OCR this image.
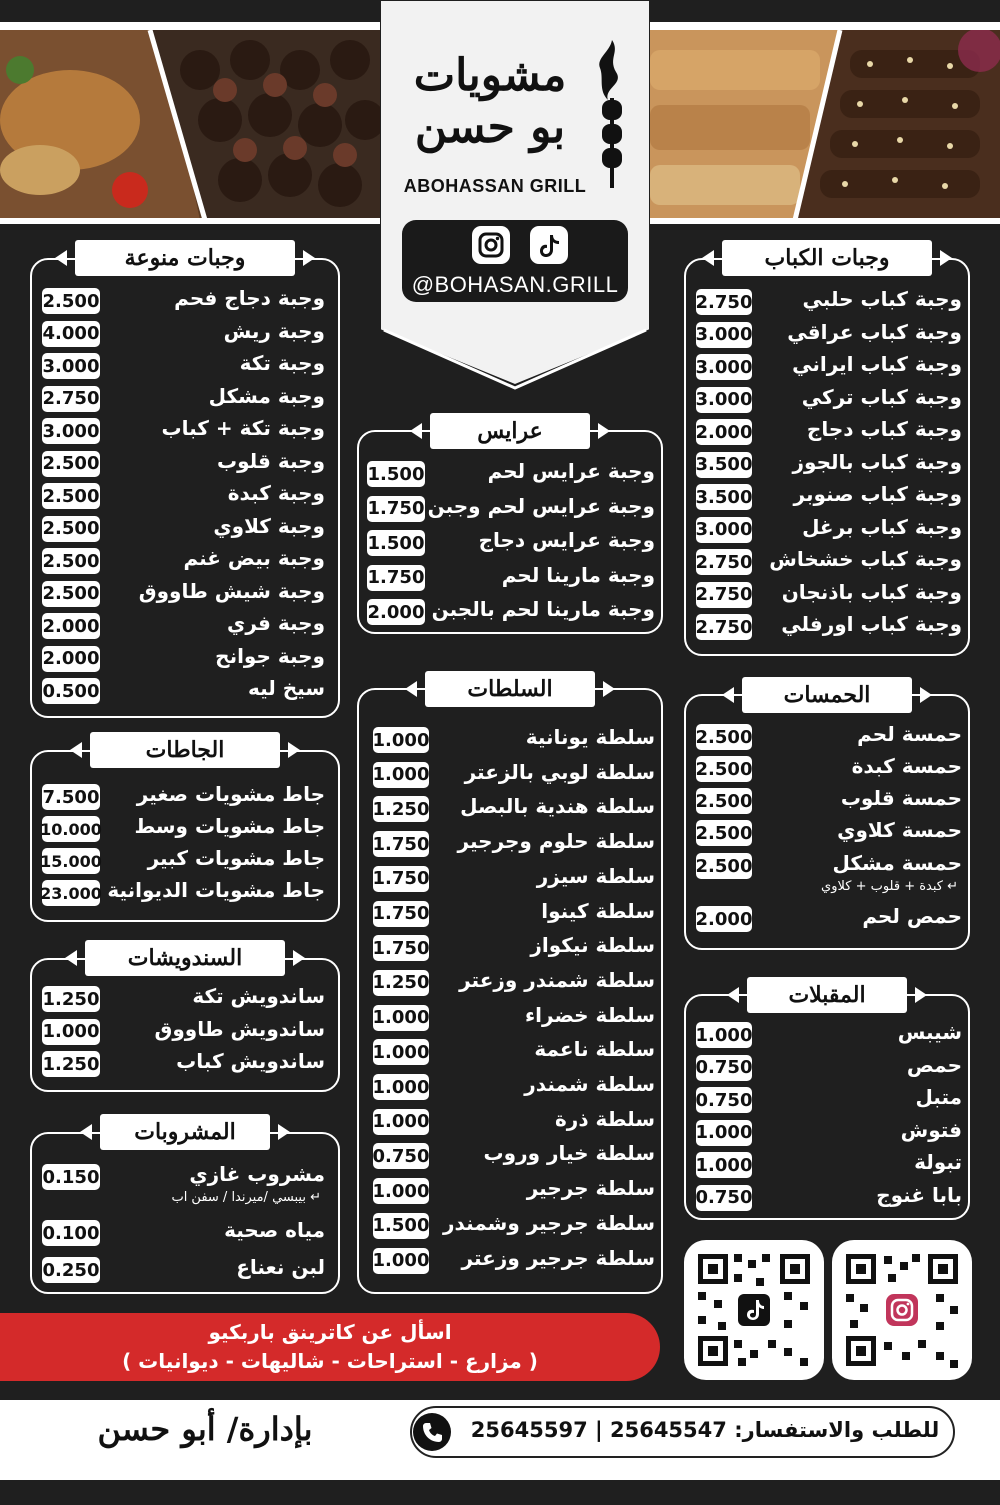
مشويات
بو حسن
ABOHASSAN GRILL
@BOHASAN.GRILL
وجبات منوعة
2.500	وجبة دجاج فحم
4.000	وجبة ريش
3.000	وجبة تكة
2.750	وجبة مشكل
3.000	وجبة تكة + كباب
2.500	وجبة قلوب
2.500	وجبة كبدة
2.500	وجبة كلاوي
2.500	وجبة بيض غنم
2.500	وجبة شيش طاووق
2.000	وجبة فري
2.000	وجبة جوانح
0.500	سيخ ليه
وجبات الكباب
2.750	وجبة كباب حلبي
3.000	وجبة كباب عراقي
3.000	وجبة كباب ايراني
3.000	وجبة كباب تركي
2.000	وجبة كباب دجاج
3.500	وجبة كباب بالجوز
3.500	وجبة كباب صنوبر
3.000	وجبة كباب برغل
2.750 وجبة كباب خشخاش
2.750	وجبة كباب باذنجان
2.750	وجبة كباب اورفلي
عرايس
1.500	وجبة عرايس لحم
1.750 وجبة عرايس لحم وجبن
1.500	وجبة عرايس دجاج
1.750	وجبة مارينا لحم
2.000 وجبة مارينا لحم بالجبن
السلطات
1.000	سلطة يونانية
1.000	سلطة لوبي بالزعتر
1.250	سلطة هندية بالبصل
1.750	سلطة حلوم وجرجير
1.750	سلطة سيزر
1.750	سلطة كينوا
1.750	سلطة نيكواز
1.250	سلطة شمندر وزعتر
1.000	سلطة خضراء
1.000	سلطة ناعمة
1.000	سلطة شمندر
1.000	سلطة ذرة
0.750	سلطة خيار وروب
1.000	سلطة جرجير
1.500 سلطة جرجير وشمندر
1.000	سلطة جرجير وزعتر
الجاطات
7.500	جاط مشويات صغير
10.000	جاط مشويات وسط
15.000	جاط مشويات كبير
23.000 جاط مشويات الديوانية
السندويشات
1.250	ساندويش تكة
1.000	ساندويش طاووق
1.250	ساندويش كباب
المشروبات
0.150	مشروب غازي
↵ بيبسي /ميرندا / سفن اب
0.100	مياه صحية
0.250	لبن نعناع
الحمسات
2.500	حمسة لحم
2.500	حمسة كبدة
2.500	حمسة قلوب
2.500	حمسة كلاوي
2.500	حمسة مشكل
↵ كبدة + قلوب + كلاوي
2.000	حمص لحم
المقبلات
1.000	شيبس
0.750	حمص
0.750	متبل
1.000	فتوش
1.000	تبولة
0.750	بابا غنوج
اسأل عن كاترينق باربكيو
( مزارع - استراحات - شاليهات - ديوانيات )
بإدارة/ أبو حسن	للطلب والاستفسار: 25645547 | 25645597
